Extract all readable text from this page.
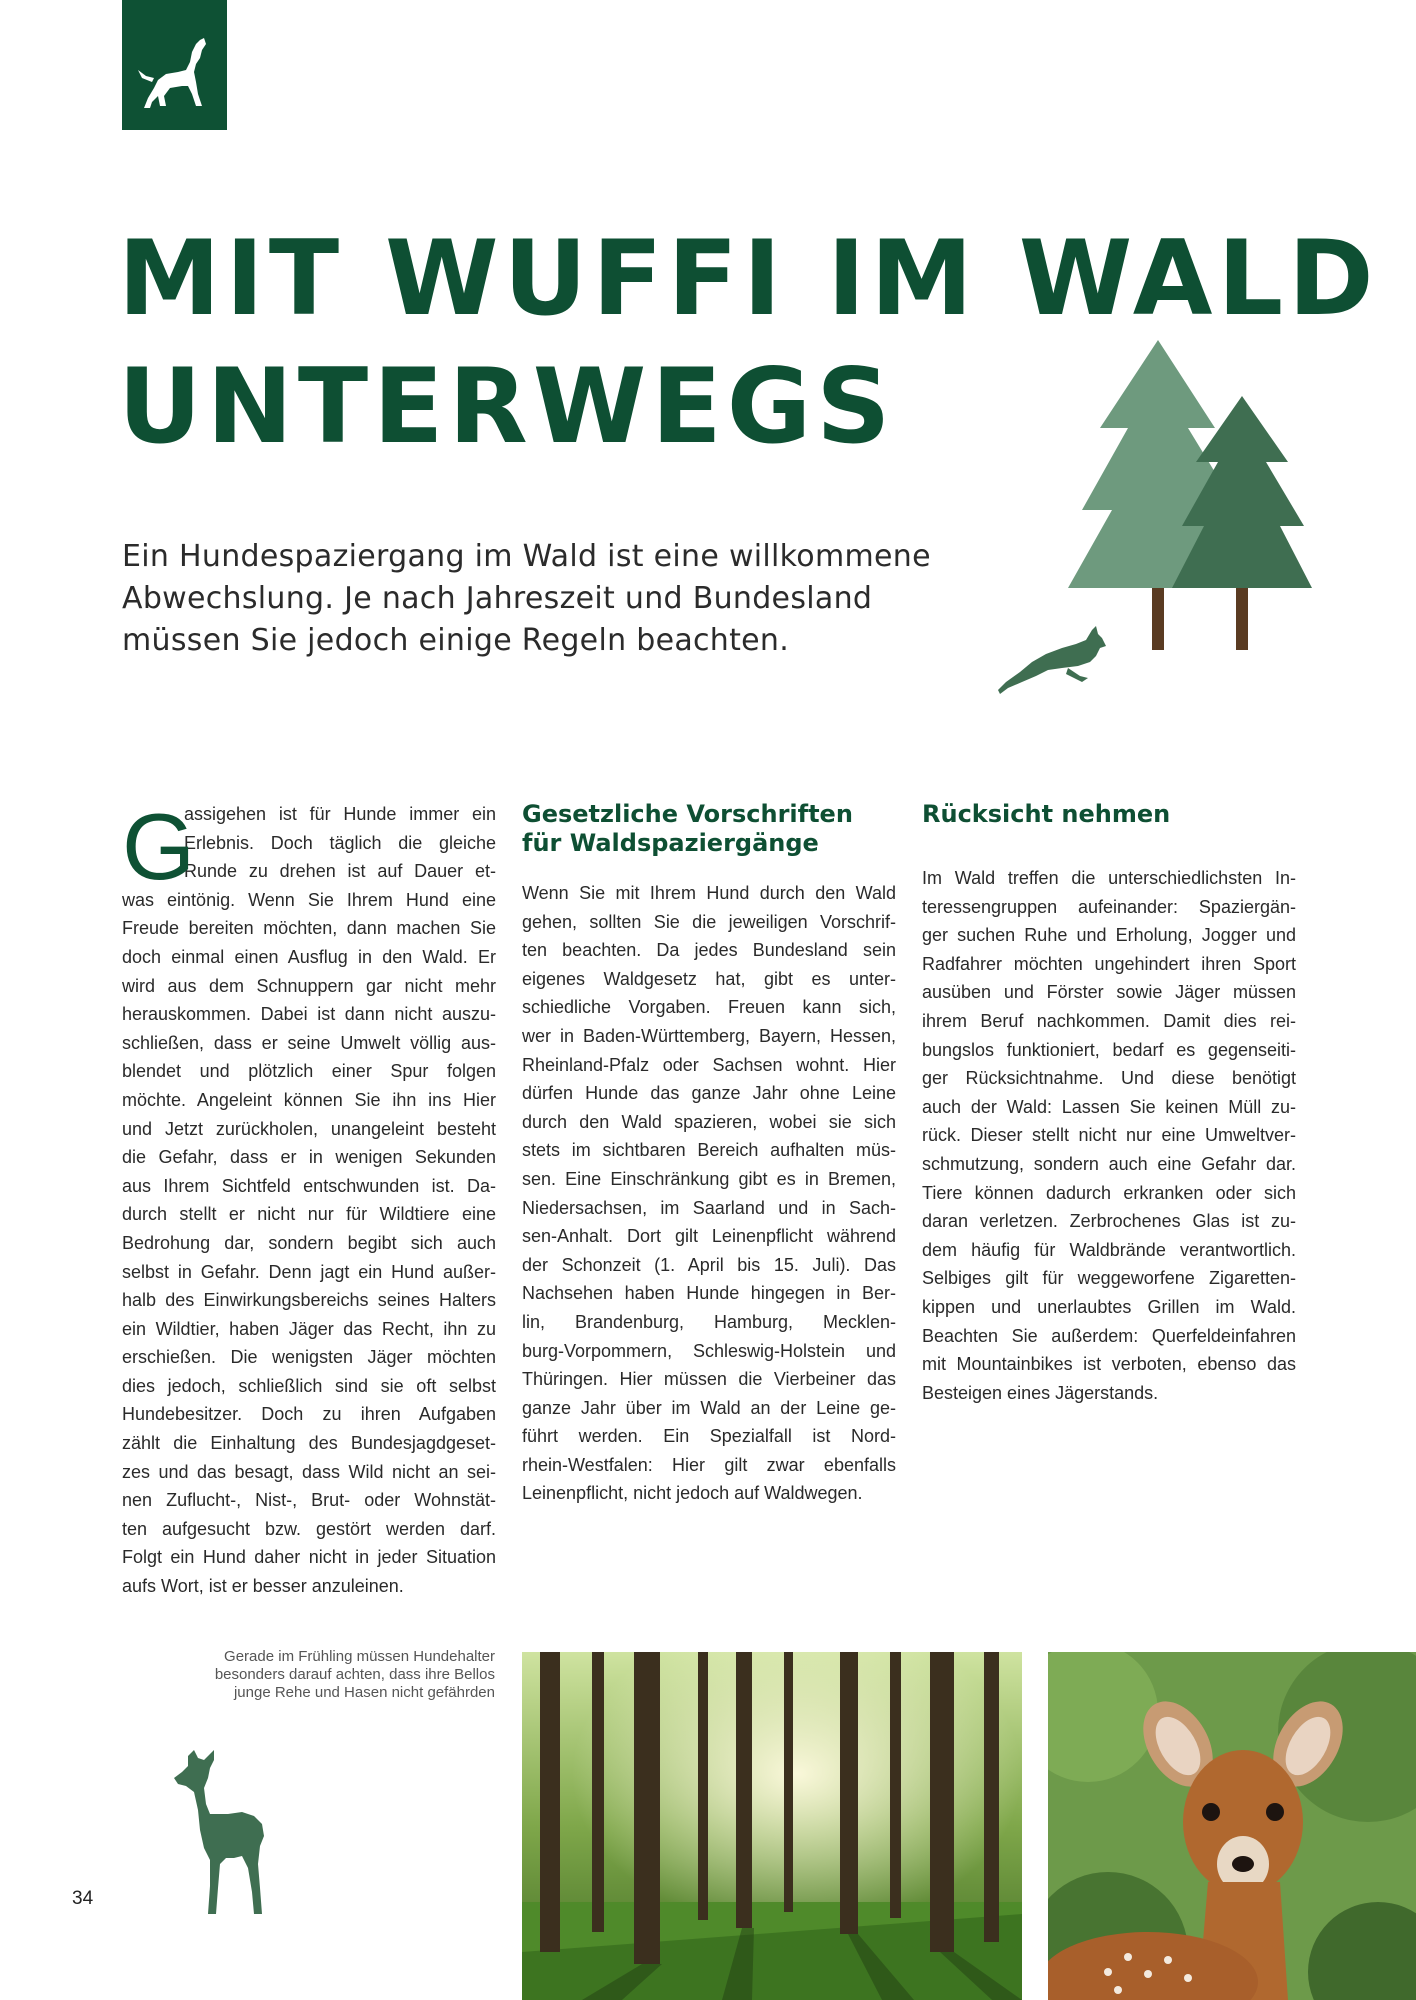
MIT WUFFI IM WALD
UNTERWEGS
Ein Hundespaziergang im Wald ist eine willkommene
Abwechslung. Je nach Jahreszeit und Bundesland
müssen Sie jedoch einige Regeln beachten.
G
assigehen ist für Hunde immer ein
Erlebnis. Doch täglich die gleiche
Runde zu drehen ist auf Dauer et-
was eintönig. Wenn Sie Ihrem Hund eine
Freude bereiten möchten, dann machen Sie
doch einmal einen Ausflug in den Wald. Er
wird aus dem Schnuppern gar nicht mehr
herauskommen. Dabei ist dann nicht auszu-
schließen, dass er seine Umwelt völlig aus-
blendet und plötzlich einer Spur folgen
möchte. Angeleint können Sie ihn ins Hier
und Jetzt zurückholen, unangeleint besteht
die Gefahr, dass er in wenigen Sekunden
aus Ihrem Sichtfeld entschwunden ist. Da-
durch stellt er nicht nur für Wildtiere eine
Bedrohung dar, sondern begibt sich auch
selbst in Gefahr. Denn jagt ein Hund außer-
halb des Einwirkungsbereichs seines Halters
ein Wildtier, haben Jäger das Recht, ihn zu
erschießen. Die wenigsten Jäger möchten
dies jedoch, schließlich sind sie oft selbst
Hundebesitzer. Doch zu ihren Aufgaben
zählt die Einhaltung des Bundesjagdgeset-
zes und das besagt, dass Wild nicht an sei-
nen Zuflucht-, Nist-, Brut- oder Wohnstät-
ten aufgesucht bzw. gestört werden darf.
Folgt ein Hund daher nicht in jeder Situation
aufs Wort, ist er besser anzuleinen.
Gesetzliche Vorschriften
für Waldspaziergänge
Wenn Sie mit Ihrem Hund durch den Wald
gehen, sollten Sie die jeweiligen Vorschrif-
ten beachten. Da jedes Bundesland sein
eigenes Waldgesetz hat, gibt es unter-
schiedliche Vorgaben. Freuen kann sich,
wer in Baden-Württemberg, Bayern, Hessen,
Rheinland-Pfalz oder Sachsen wohnt. Hier
dürfen Hunde das ganze Jahr ohne Leine
durch den Wald spazieren, wobei sie sich
stets im sichtbaren Bereich aufhalten müs-
sen. Eine Einschränkung gibt es in Bremen,
Niedersachsen, im Saarland und in Sach-
sen-Anhalt. Dort gilt Leinenpflicht während
der Schonzeit (1. April bis 15. Juli). Das
Nachsehen haben Hunde hingegen in Ber-
lin, Brandenburg, Hamburg, Mecklen-
burg-Vorpommern, Schleswig-Holstein und
Thüringen. Hier müssen die Vierbeiner das
ganze Jahr über im Wald an der Leine ge-
führt werden. Ein Spezialfall ist Nord-
rhein-Westfalen: Hier gilt zwar ebenfalls
Leinenpflicht, nicht jedoch auf Waldwegen.
Rücksicht nehmen
Im Wald treffen die unterschiedlichsten In-
teressengruppen aufeinander: Spaziergän-
ger suchen Ruhe und Erholung, Jogger und
Radfahrer möchten ungehindert ihren Sport
ausüben und Förster sowie Jäger müssen
ihrem Beruf nachkommen. Damit dies rei-
bungslos funktioniert, bedarf es gegenseiti-
ger Rücksichtnahme. Und diese benötigt
auch der Wald: Lassen Sie keinen Müll zu-
rück. Dieser stellt nicht nur eine Umweltver-
schmutzung, sondern auch eine Gefahr dar.
Tiere können dadurch erkranken oder sich
daran verletzen. Zerbrochenes Glas ist zu-
dem häufig für Waldbrände verantwortlich.
Selbiges gilt für weggeworfene Zigaretten-
kippen und unerlaubtes Grillen im Wald.
Beachten Sie außerdem: Querfeldeinfahren
mit Mountainbikes ist verboten, ebenso das
Besteigen eines Jägerstands.
Gerade im Frühling müssen Hundehalter
besonders darauf achten, dass ihre Bellos
junge Rehe und Hasen nicht gefährden
34
